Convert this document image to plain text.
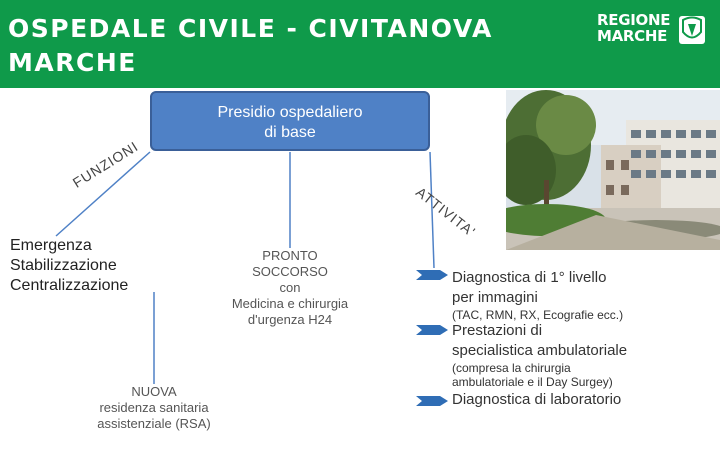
OSPEDALE CIVILE - CIVITANOVA
MARCHE
REGIONE
MARCHE
Presidio ospedaliero
di base
FUNZIONI
ATTIVITA'
Emergenza
Stabilizzazione
Centralizzazione
PRONTO
SOCCORSO
con
Medicina e chirurgia
d'urgenza H24
NUOVA
residenza sanitaria
assistenziale (RSA)
Diagnostica di 1° livello
per immagini
(TAC, RMN, RX, Ecografie ecc.)
Prestazioni di
specialistica ambulatoriale
(compresa la chirurgia
ambulatoriale e il Day Surgey)
Diagnostica di laboratorio
